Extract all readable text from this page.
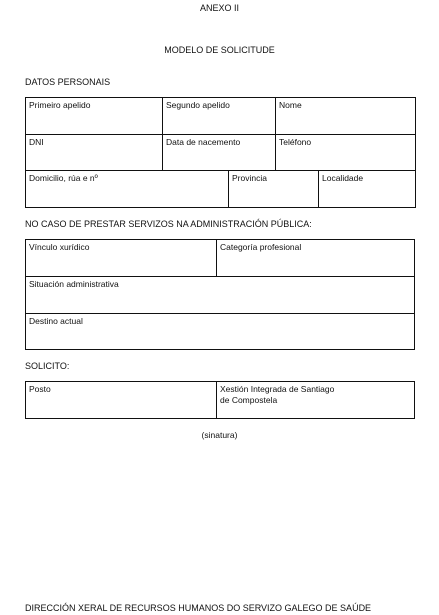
ANEXO II
MODELO DE SOLICITUDE
DATOS PERSONAIS
Primeiro apelido	Segundo apelido		Nome	
DNI	Data de nacemento		Teléfono	
Domicilio, rúa e nº		Provincia		Localidade
NO CASO DE PRESTAR SERVIZOS NA ADMINISTRACIÓN PÚBLICA:
Vínculo xurídico	Categoría profesional
Situación administrativa
Destino actual
SOLICITO:
Posto	Xestión Integrada de Santiago
de Compostela
(sinatura)
DIRECCIÓN XERAL DE RECURSOS HUMANOS DO SERVIZO GALEGO DE SAÚDE
